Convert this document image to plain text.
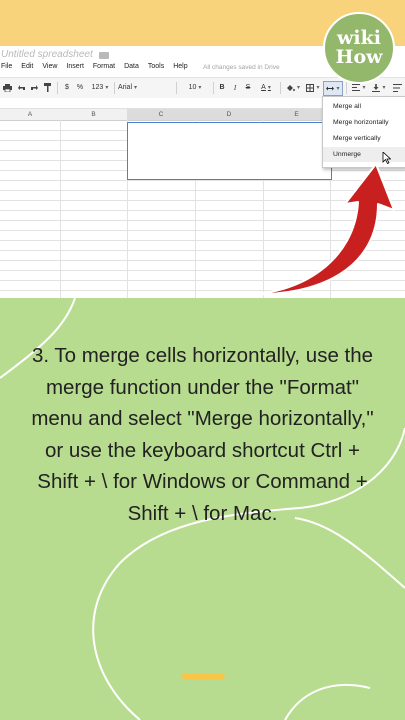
Untitled spreadsheet
File Edit View Insert Format Data Tools Help All changes saved in Drive
$	%	123 ▾	Arial ▾	10 ▾	B	I	S	A ▾
▾
▾
▾
▾
▾
A	B	C	D	E
Merge all
Merge horizontally
Merge vertically
Unmerge
wiki
How
3. To merge cells horizontally, use the merge function under the "Format" menu and select "Merge horizontally," or use the keyboard shortcut Ctrl + Shift + \ for Windows or Command + Shift + \ for Mac.
